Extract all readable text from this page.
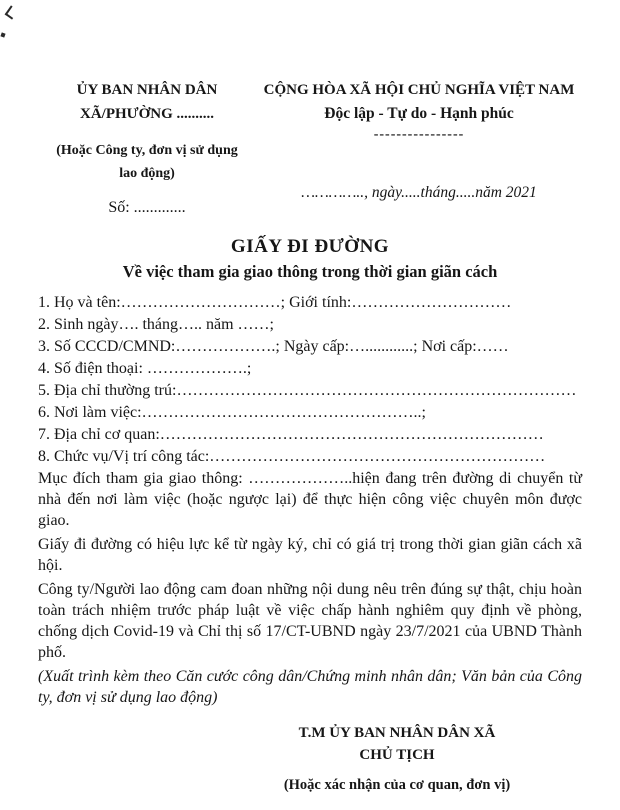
ỦY BAN NHÂN DÂN
XÃ/PHƯỜNG ..........
(Hoặc Công ty, đơn vị sử dụng
lao động)
Số: .............
CỘNG HÒA XÃ HỘI CHỦ NGHĨA VIỆT NAM
Độc lập - Tự do - Hạnh phúc
----------------
………….., ngày.....tháng.....năm 2021
GIẤY ĐI ĐƯỜNG
Về việc tham gia giao thông trong thời gian giãn cách
1. Họ và tên:…………………………; Giới tính:…………………………
2. Sinh ngày…. tháng….. năm ……;
3. Số CCCD/CMND:……………….; Ngày cấp:…............; Nơi cấp:……
4. Số điện thoại: ……………….;
5. Địa chỉ thường trú:…………………………………………………………………
6. Nơi làm việc:……………………………………………..;
7. Địa chỉ cơ quan:………………………………………………………………
8. Chức vụ/Vị trí công tác:………………………………………………………

Mục đích tham gia giao thông: ………………..hiện đang trên đường di chuyển từ nhà đến nơi làm việc (hoặc ngược lại) để thực hiện công việc chuyên môn được giao.

Giấy đi đường có hiệu lực kể từ ngày ký, chỉ có giá trị trong thời gian giãn cách xã hội.

Công ty/Người lao động cam đoan những nội dung nêu trên đúng sự thật, chịu hoàn toàn trách nhiệm trước pháp luật về việc chấp hành nghiêm quy định về phòng, chống dịch Covid-19 và Chỉ thị số 17/CT-UBND ngày 23/7/2021 của UBND Thành phố.

(Xuất trình kèm theo Căn cước công dân/Chứng minh nhân dân; Văn bản của Công ty, đơn vị sử dụng lao động)
T.M ỦY BAN NHÂN DÂN XÃ
CHỦ TỊCH
(Hoặc xác nhận của cơ quan, đơn vị)
